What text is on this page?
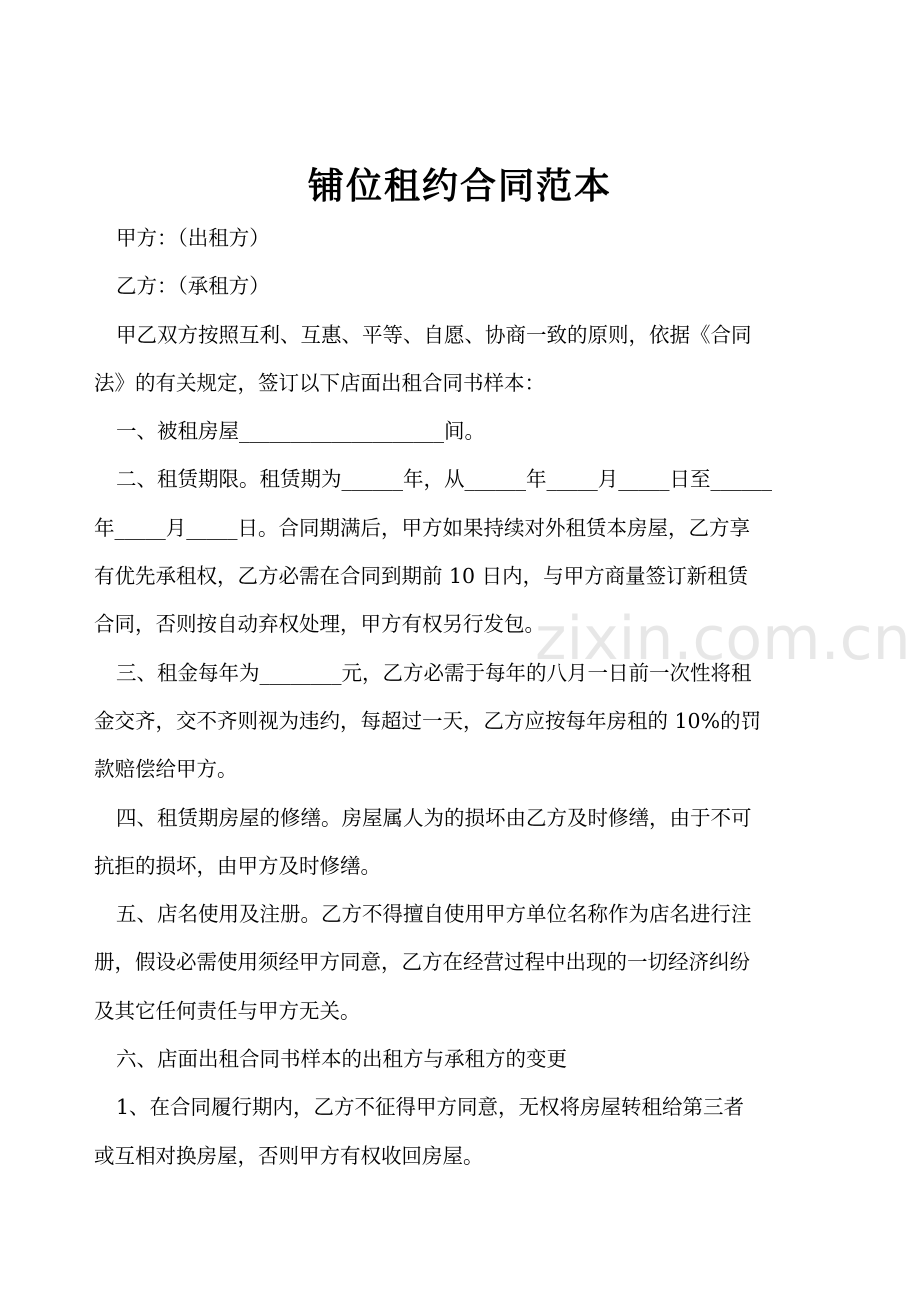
铺位租约合同范本
zixin.com.cn
甲方：（出租方）
乙方：（承租方）
甲乙双方按照互利、互惠、平等、自愿、协商一致的原则，依据《合同
法》的有关规定，签订以下店面出租合同书样本：
一、被租房屋____________________间。
二、租赁期限。租赁期为______年，从______年_____月_____日至______
年_____月_____日。合同期满后，甲方如果持续对外租赁本房屋，乙方享
有优先承租权，乙方必需在合同到期前 10 日内，与甲方商量签订新租赁
合同，否则按自动弃权处理，甲方有权另行发包。
三、租金每年为________元，乙方必需于每年的八月一日前一次性将租
金交齐，交不齐则视为违约，每超过一天，乙方应按每年房租的 10%的罚
款赔偿给甲方。
四、租赁期房屋的修缮。房屋属人为的损坏由乙方及时修缮，由于不可
抗拒的损坏，由甲方及时修缮。
五、店名使用及注册。乙方不得擅自使用甲方单位名称作为店名进行注
册，假设必需使用须经甲方同意，乙方在经营过程中出现的一切经济纠纷
及其它任何责任与甲方无关。
六、店面出租合同书样本的出租方与承租方的变更
1、在合同履行期内，乙方不征得甲方同意，无权将房屋转租给第三者
或互相对换房屋，否则甲方有权收回房屋。
